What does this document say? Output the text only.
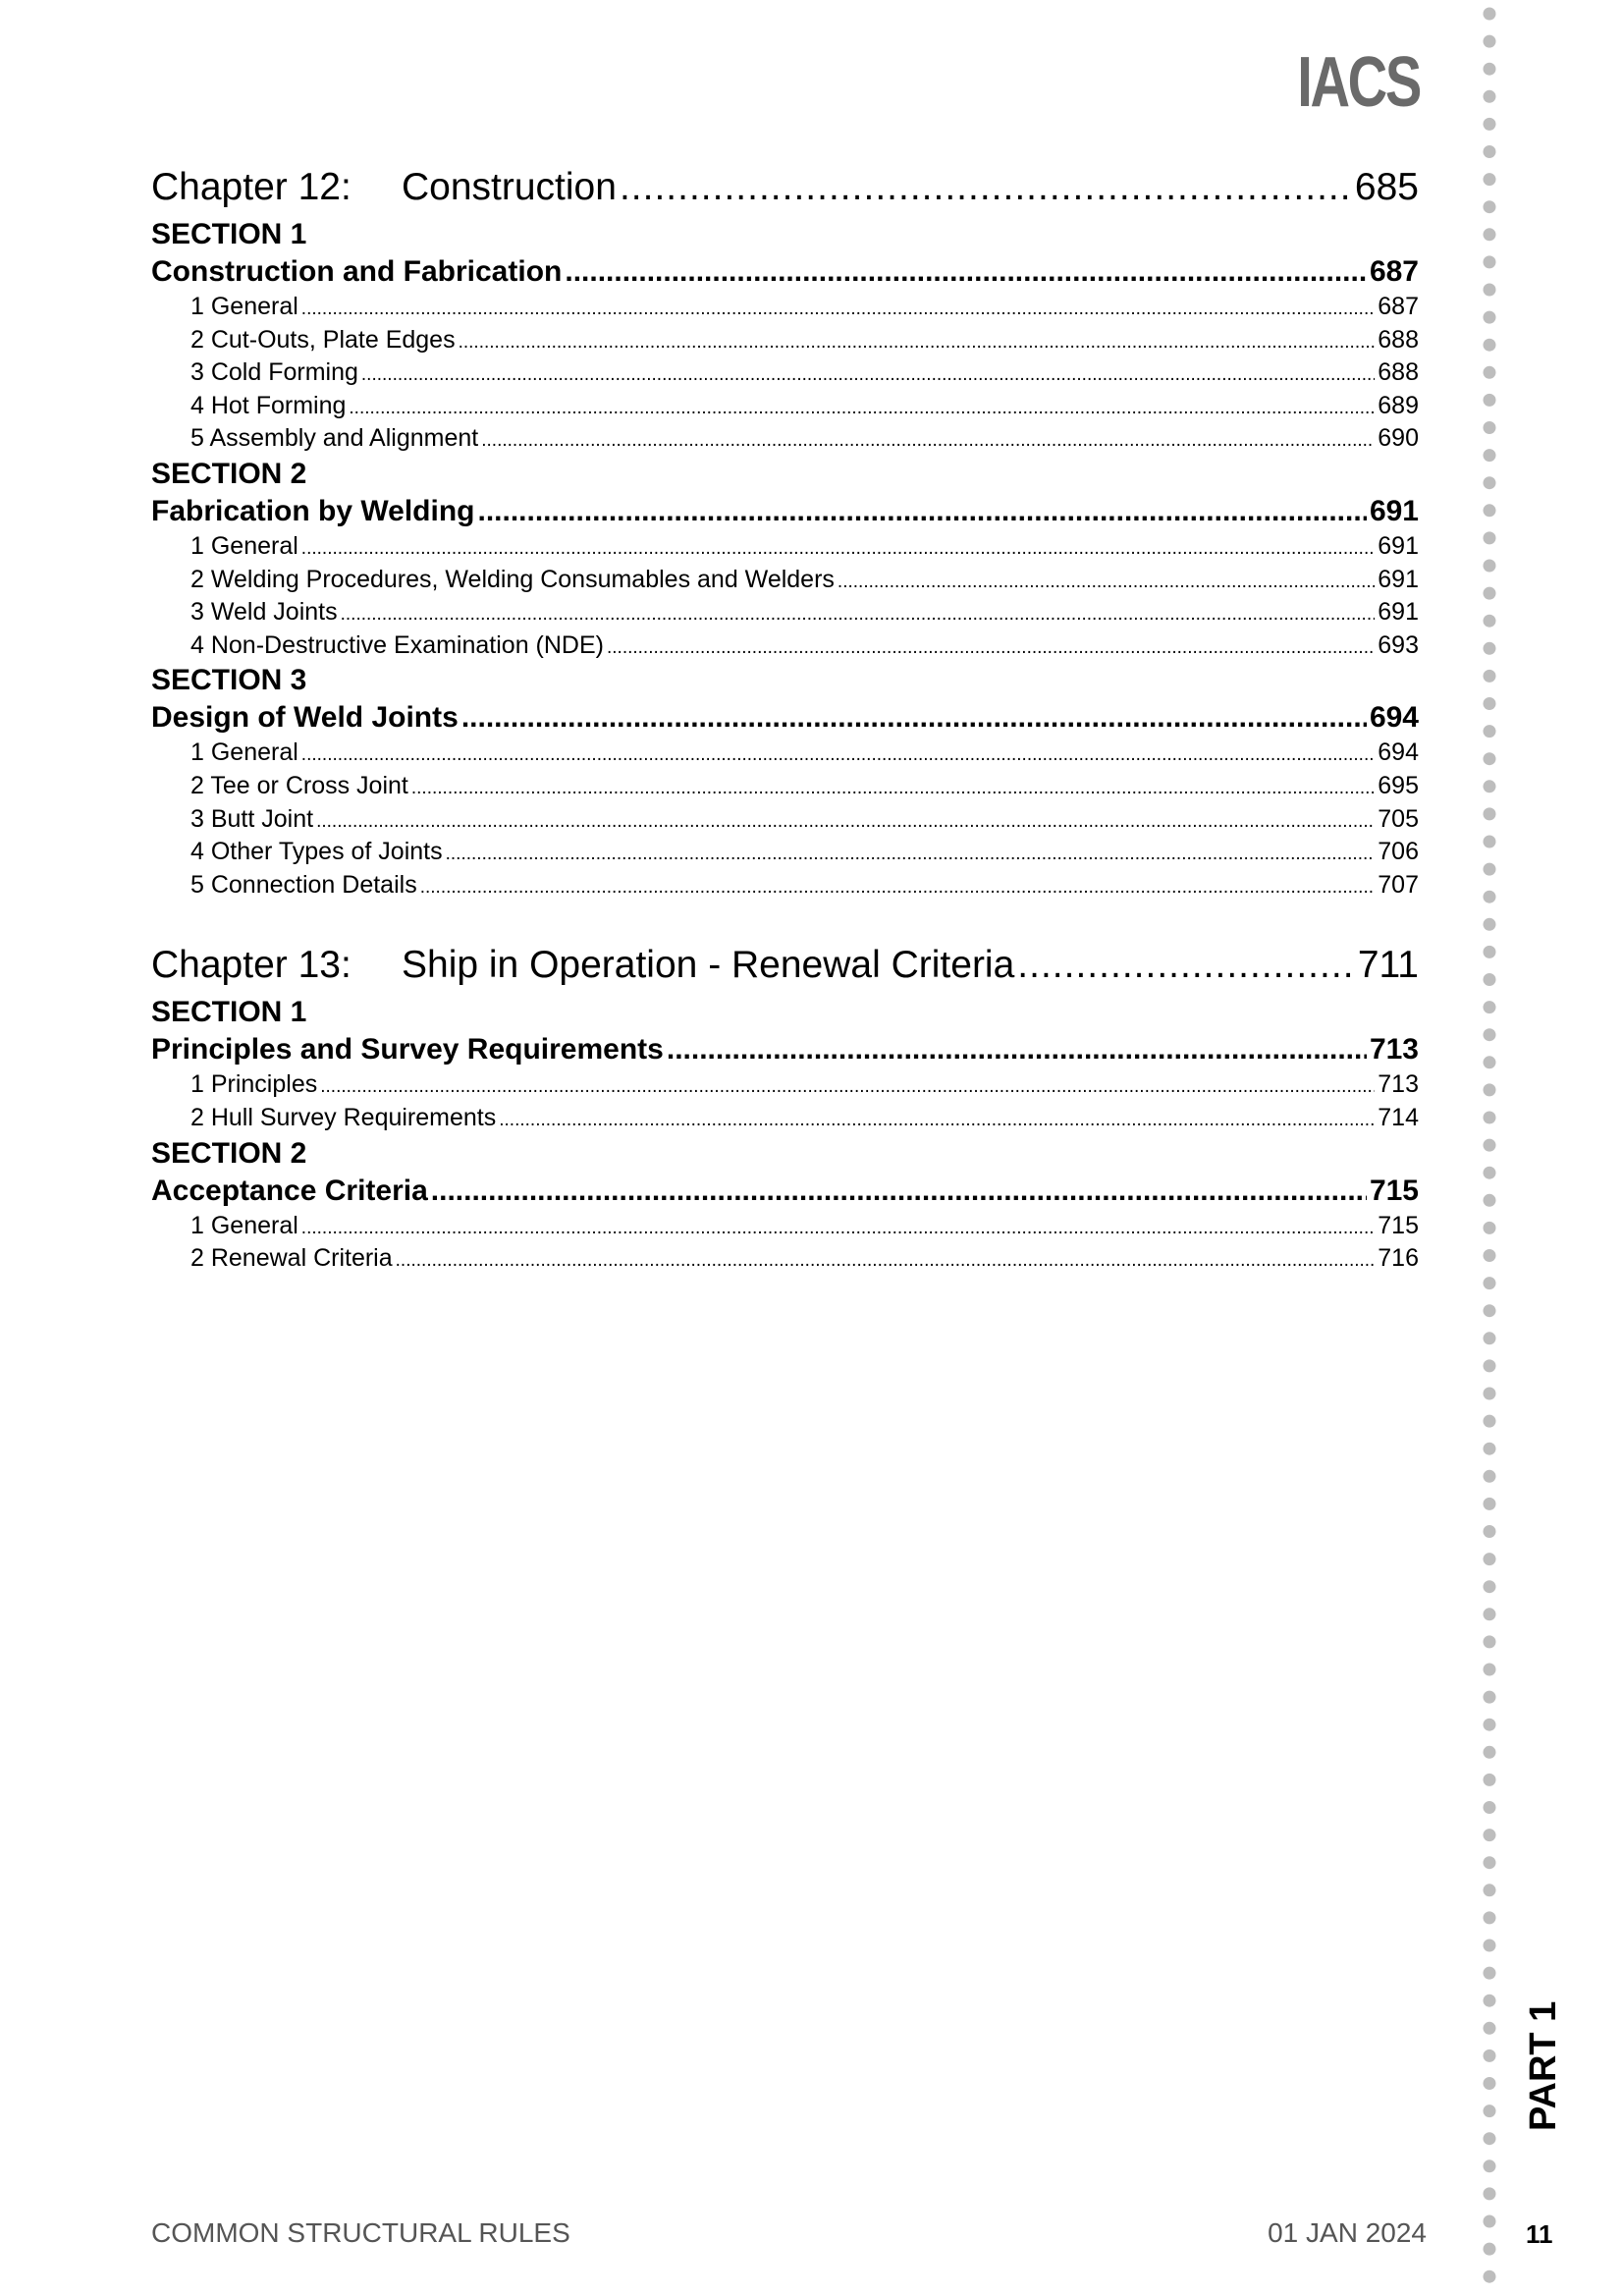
IACS
Chapter 12: Construction .....	685
SECTION 1
Construction and Fabrication .....	687
1 General .....	687
2 Cut-Outs, Plate Edges .....	688
3 Cold Forming .....	688
4 Hot Forming .....	689
5 Assembly and Alignment .....	690
SECTION 2
Fabrication by Welding .....	691
1 General .....	691
2 Welding Procedures, Welding Consumables and Welders .....	691
3 Weld Joints .....	691
4 Non-Destructive Examination (NDE) .....	693
SECTION 3
Design of Weld Joints .....	694
1 General .....	694
2 Tee or Cross Joint .....	695
3 Butt Joint .....	705
4 Other Types of Joints .....	706
5 Connection Details .....	707
Chapter 13: Ship in Operation - Renewal Criteria .....	711
SECTION 1
Principles and Survey Requirements .....	713
1 Principles .....	713
2 Hull Survey Requirements .....	714
SECTION 2
Acceptance Criteria .....	715
1 General .....	715
2 Renewal Criteria .....	716
PART 1
11
COMMON STRUCTURAL RULES	01 JAN 2024
